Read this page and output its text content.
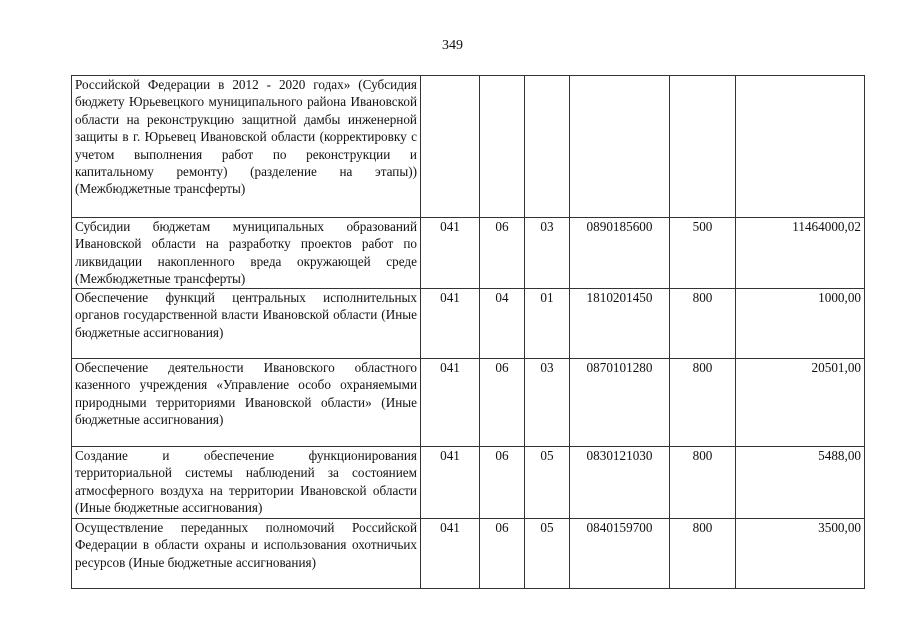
349
Российской Федерации в 2012 - 2020 годах» (Субсидия бюджету Юрьевецкого муниципального района Ивановской области на реконструкцию защитной дамбы инженерной защиты в г. Юрьевец Ивановской области (корректировку с учетом выполнения работ по реконструкции и капитальному ремонту) (разделение на этапы)) (Межбюджетные трансферты)						
Субсидии бюджетам муниципальных образований Ивановской области на разработку проектов работ по ликвидации накопленного вреда окружающей среде (Межбюджетные трансферты)	041	06	03	0890185600	500	11464000,02
Обеспечение функций центральных исполнительных органов государственной власти Ивановской области (Иные бюджетные ассигнования)	041	04	01	1810201450	800	1000,00
Обеспечение деятельности Ивановского областного казенного учреждения «Управление особо охраняемыми природными территориями Ивановской области» (Иные бюджетные ассигнования)	041	06	03	0870101280	800	20501,00
Создание и обеспечение функционирования территориальной системы наблюдений за состоянием атмосферного воздуха на территории Ивановской области (Иные бюджетные ассигнования)	041	06	05	0830121030	800	5488,00
Осуществление переданных полномочий Российской Федерации в области охраны и использования охотничьих ресурсов (Иные бюджетные ассигнования)	041	06	05	0840159700	800	3500,00
